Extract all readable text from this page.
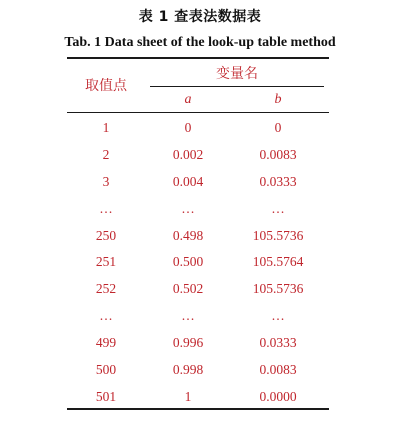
表 1 查表法数据表
Tab. 1 Data sheet of the look-up table method
取值点
变量名
a	b
1	0	0
2	0.002	0.0083
3	0.004	0.0333
…	…	…
250	0.498	105.5736
251	0.500	105.5764
252	0.502	105.5736
…	…	…
499	0.996	0.0333
500	0.998	0.0083
501	1	0.0000
